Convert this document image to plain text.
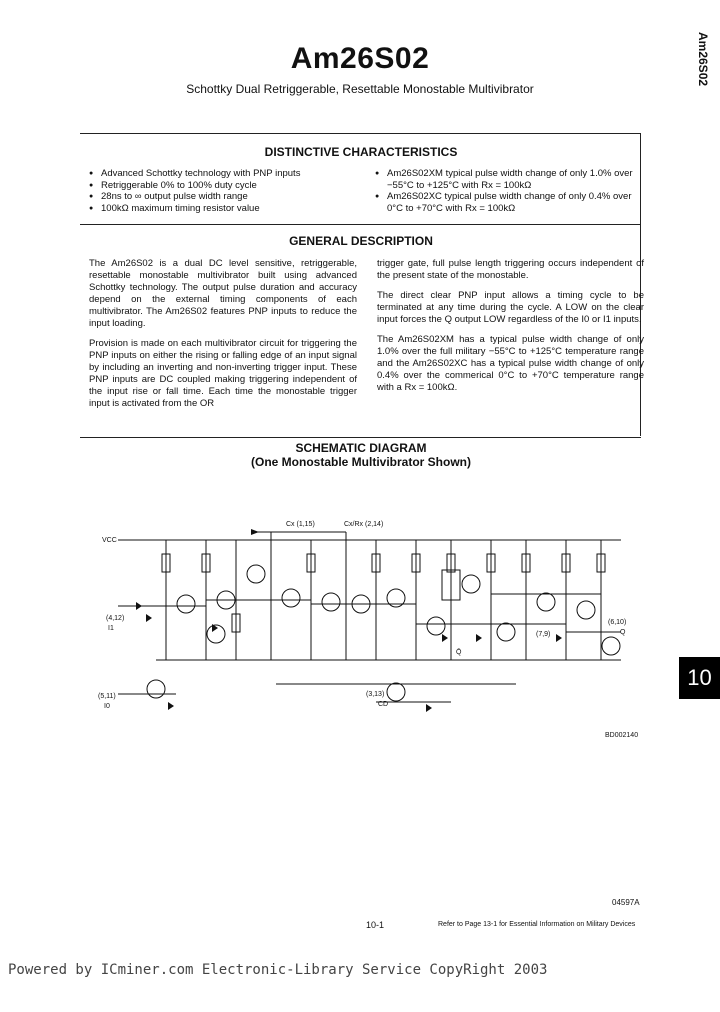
Am26S02
Schottky Dual Retriggerable, Resettable Monostable Multivibrator
Am26S02
DISTINCTIVE CHARACTERISTICS
● Advanced Schottky technology with PNP inputs
● Retriggerable 0% to 100% duty cycle
● 28ns to ∞ output pulse width range
● 100kΩ maximum timing resistor value
● Am26S02XM typical pulse width change of only 1.0% over −55°C to +125°C with Rx = 100kΩ
● Am26S02XC typical pulse width change of only 0.4% over 0°C to +70°C with Rx = 100kΩ
GENERAL DESCRIPTION

The Am26S02 is a dual DC level sensitive, retriggerable, resettable monostable multivibrator built using advanced Schottky technology. The output pulse duration and accuracy depend on the external timing components of each multivibrator. The Am26S02 features PNP inputs to reduce the input loading.

Provision is made on each multivibrator circuit for triggering the PNP inputs on either the rising or falling edge of an input signal by including an inverting and non-inverting trigger input. These PNP inputs are DC coupled making triggering independent of the input rise or fall time. Each time the monostable trigger input is activated from the OR

trigger gate, full pulse length triggering occurs independent of the present state of the monostable.

The direct clear PNP input allows a timing cycle to be terminated at any time during the cycle. A LOW on the clear input forces the Q output LOW regardless of the I0 or I1 inputs.

The Am26S02XM has a typical pulse width change of only 1.0% over the full military −55°C to +125°C temperature range and the Am26S02XC has a typical pulse width change of only 0.4% over the commerical 0°C to +70°C temperature range with a Rx = 100kΩ.

SCHEMATIC DIAGRAM
(One Monostable Multivibrator Shown)
VCC
Cx (1,15)	Cx/Rx (2,14)
(4,12)
I1
(5,11)
I0
(3,13)
CD
Q̄
(7,9)
(6,10)
Q
BD002140
04597A
10-1	Refer to Page 13-1 for Essential Information on Military Devices
10
Powered by ICminer.com Electronic-Library Service CopyRight 2003
